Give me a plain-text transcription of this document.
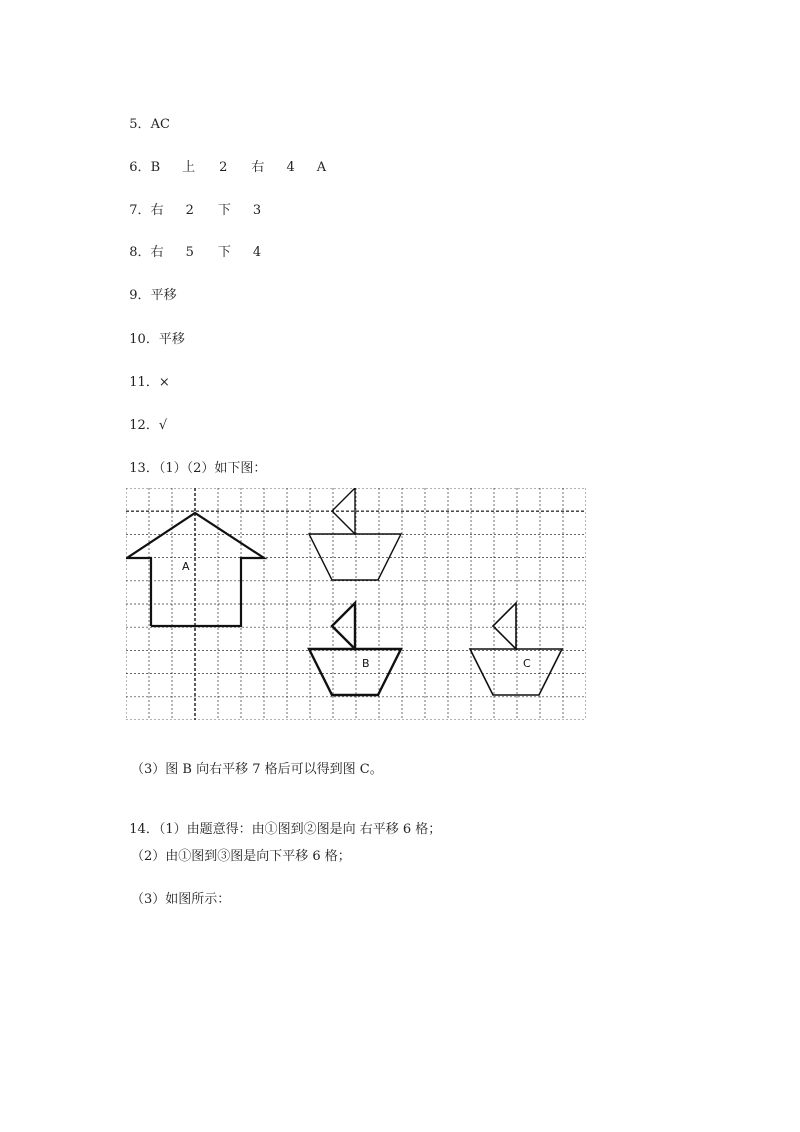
5．AC

6．B 上 2 右 4 A

7．右 2 下 3

8．右 5 下 4

9．平移

10．平移

11．×

12．√

13．（1）（2）如下图：

A
B	C
（3）图 B 向右平移 7 格后可以得到图 C。

14．（1）由题意得：由①图到②图是向 右平移 6 格；

（2）由①图到③图是向下平移 6 格；
（3）如图所示：
